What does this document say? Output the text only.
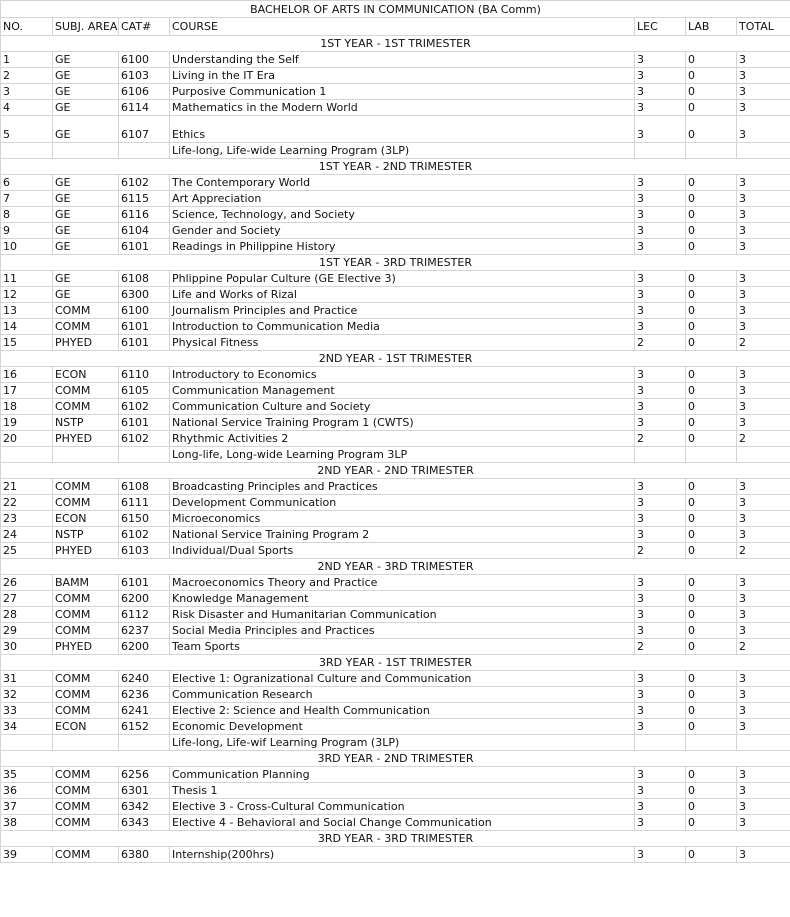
BACHELOR OF ARTS IN COMMUNICATION (BA Comm)						
NO.	SUBJ. AREA	CAT#	COURSE	LEC	LAB	TOTAL
1ST YEAR - 1ST TRIMESTER						
1	GE	6100	Understanding the Self	3	0	3
2	GE	6103	Living in the IT Era	3	0	3
3	GE	6106	Purposive Communication 1	3	0	3
4	GE	6114	Mathematics in the Modern World	3	0	3
5	GE	6107	Ethics	3	0	3
			Life-long, Life-wide Learning Program (3LP)			
1ST YEAR - 2ND TRIMESTER						
6	GE	6102	The Contemporary World	3	0	3
7	GE	6115	Art Appreciation	3	0	3
8	GE	6116	Science, Technology, and Society	3	0	3
9	GE	6104	Gender and Society	3	0	3
10	GE	6101	Readings in Philippine History	3	0	3
1ST YEAR - 3RD TRIMESTER						
11	GE	6108	Phlippine Popular Culture (GE Elective 3)	3	0	3
12	GE	6300	Life and Works of Rizal	3	0	3
13	COMM	6100	Journalism Principles and Practice	3	0	3
14	COMM	6101	Introduction to Communication Media	3	0	3
15	PHYED	6101	Physical Fitness	2	0	2
2ND YEAR - 1ST TRIMESTER						
16	ECON	6110	Introductory to Economics	3	0	3
17	COMM	6105	Communication Management	3	0	3
18	COMM	6102	Communication Culture and Society	3	0	3
19	NSTP	6101	National Service Training Program 1 (CWTS)	3	0	3
20	PHYED	6102	Rhythmic Activities 2	2	0	2
			Long-life, Long-wide Learning Program 3LP			
2ND YEAR - 2ND TRIMESTER						
21	COMM	6108	Broadcasting Principles and Practices	3	0	3
22	COMM	6111	Development Communication	3	0	3
23	ECON	6150	Microeconomics	3	0	3
24	NSTP	6102	National Service Training Program 2	3	0	3
25	PHYED	6103	Individual/Dual Sports	2	0	2
2ND YEAR - 3RD TRIMESTER						
26	BAMM	6101	Macroeconomics Theory and Practice	3	0	3
27	COMM	6200	Knowledge Management	3	0	3
28	COMM	6112	Risk Disaster and Humanitarian Communication	3	0	3
29	COMM	6237	Social Media Principles and Practices	3	0	3
30	PHYED	6200	Team Sports	2	0	2
3RD YEAR - 1ST TRIMESTER						
31	COMM	6240	Elective 1: Ogranizational Culture and Communication	3	0	3
32	COMM	6236	Communication Research	3	0	3
33	COMM	6241	Elective 2: Science and Health Communication	3	0	3
34	ECON	6152	Economic Development	3	0	3
			Life-long, Life-wif Learning Program (3LP)			
3RD YEAR - 2ND TRIMESTER						
35	COMM	6256	Communication Planning	3	0	3
36	COMM	6301	Thesis 1	3	0	3
37	COMM	6342	Elective 3 - Cross-Cultural Communication	3	0	3
38	COMM	6343	Elective 4 - Behavioral and Social Change Communication	3	0	3
3RD YEAR - 3RD TRIMESTER						
39	COMM	6380	Internship(200hrs)	3	0	3
